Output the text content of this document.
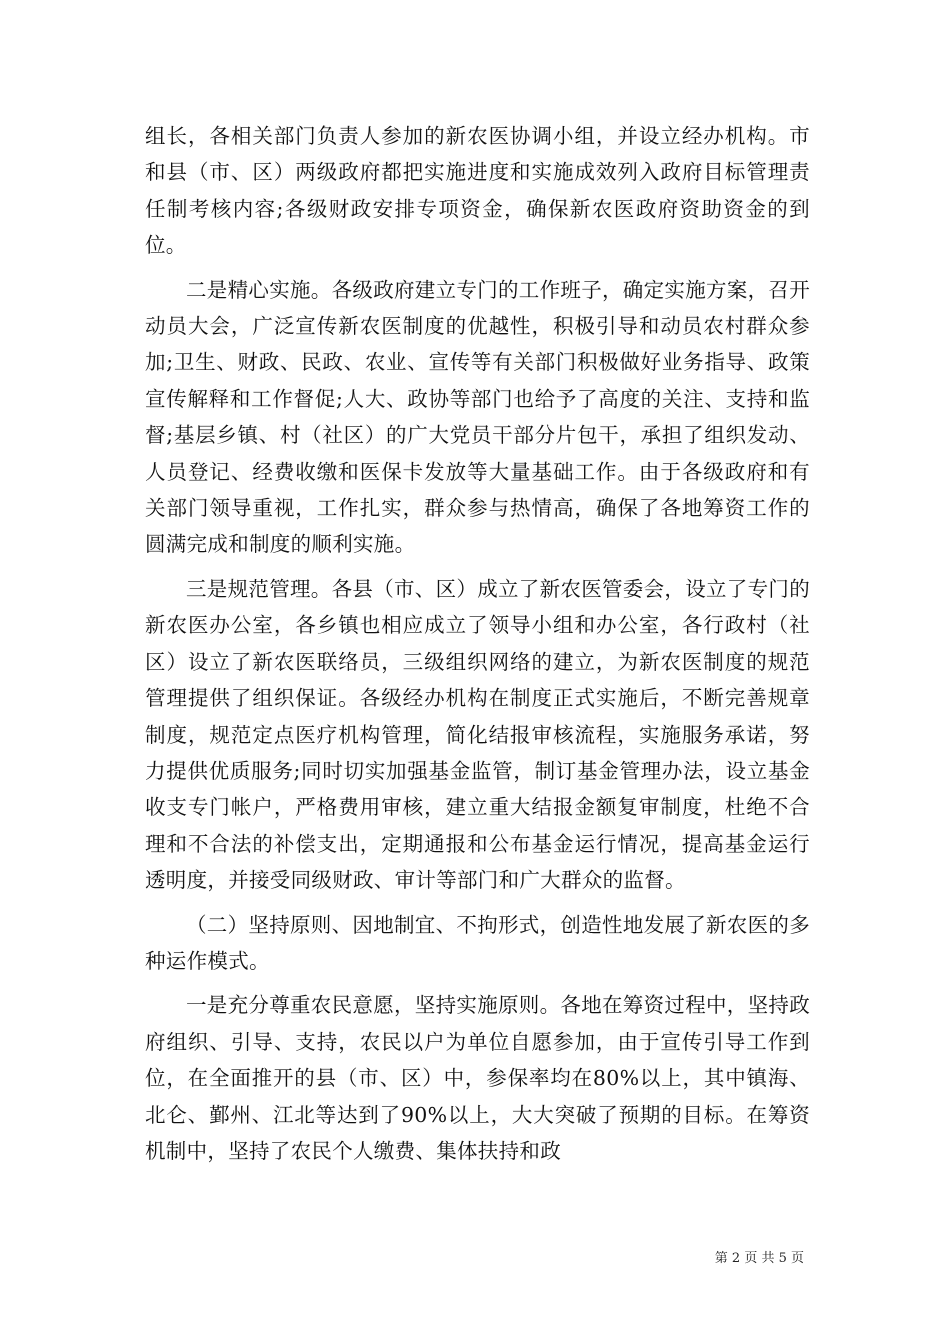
组长，各相关部门负责人参加的新农医协调小组，并设立经办机构。市和县（市、区）两级政府都把实施进度和实施成效列入政府目标管理责任制考核内容;各级财政安排专项资金，确保新农医政府资助资金的到位。

二是精心实施。各级政府建立专门的工作班子，确定实施方案，召开动员大会，广泛宣传新农医制度的优越性，积极引导和动员农村群众参加;卫生、财政、民政、农业、宣传等有关部门积极做好业务指导、政策宣传解释和工作督促;人大、政协等部门也给予了高度的关注、支持和监督;基层乡镇、村（社区）的广大党员干部分片包干，承担了组织发动、人员登记、经费收缴和医保卡发放等大量基础工作。由于各级政府和有关部门领导重视，工作扎实，群众参与热情高，确保了各地筹资工作的圆满完成和制度的顺利实施。

三是规范管理。各县（市、区）成立了新农医管委会，设立了专门的新农医办公室，各乡镇也相应成立了领导小组和办公室，各行政村（社区）设立了新农医联络员，三级组织网络的建立，为新农医制度的规范管理提供了组织保证。各级经办机构在制度正式实施后，不断完善规章制度，规范定点医疗机构管理，简化结报审核流程，实施服务承诺，努力提供优质服务;同时切实加强基金监管，制订基金管理办法，设立基金收支专门帐户，严格费用审核，建立重大结报金额复审制度，杜绝不合理和不合法的补偿支出，定期通报和公布基金运行情况，提高基金运行透明度，并接受同级财政、审计等部门和广大群众的监督。

（二）坚持原则、因地制宜、不拘形式，创造性地发展了新农医的多种运作模式。

一是充分尊重农民意愿，坚持实施原则。各地在筹资过程中，坚持政府组织、引导、支持，农民以户为单位自愿参加，由于宣传引导工作到位，在全面推开的县（市、区）中，参保率均在80%以上，其中镇海、北仑、鄞州、江北等达到了90%以上，大大突破了预期的目标。在筹资机制中，坚持了农民个人缴费、集体扶持和政

第 2 页 共 5 页
